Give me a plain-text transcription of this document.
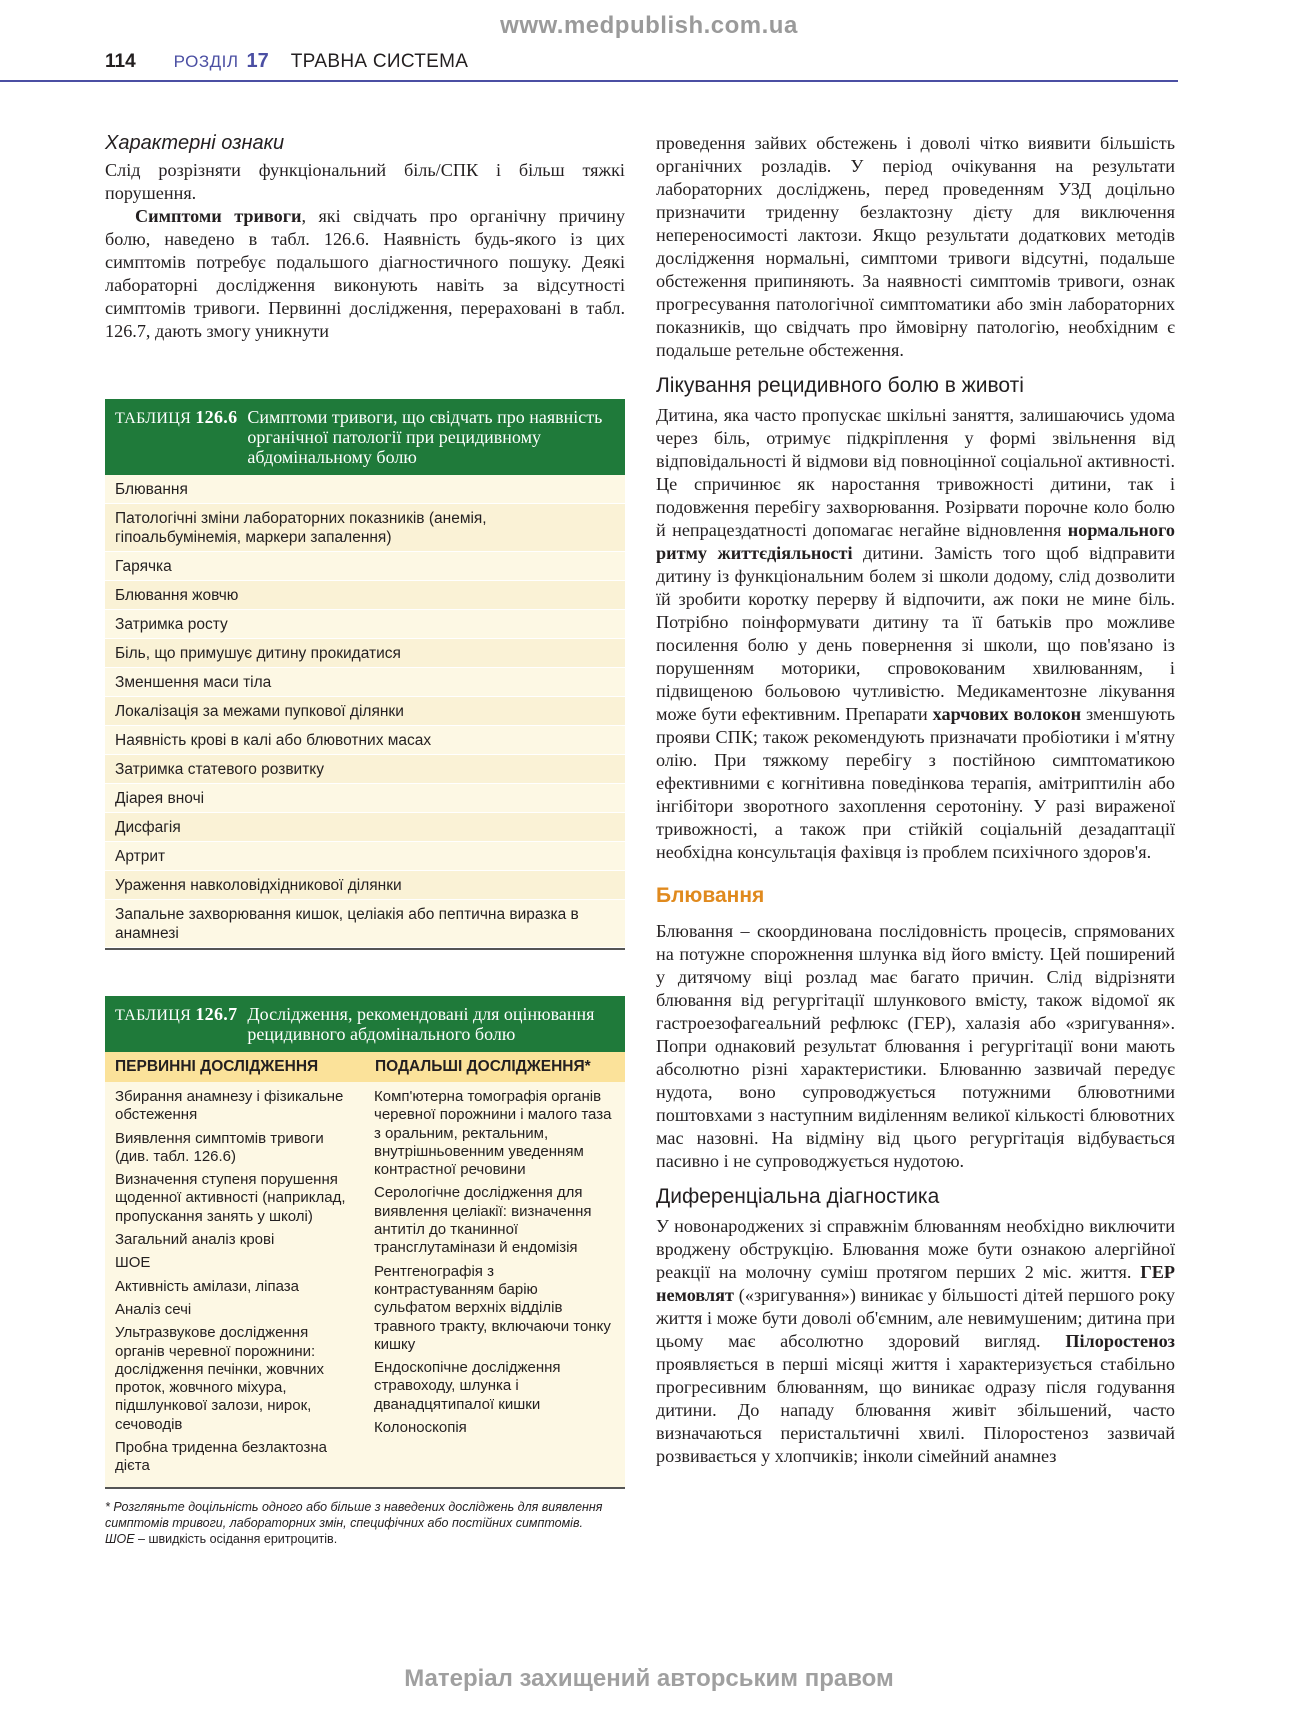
www.medpublish.com.ua
114 РОЗДІЛ 17 ТРАВНА СИСТЕМА
Характерні ознаки

Слід розрізняти функціональний біль/СПК і більш тяжкі порушення.

Симптоми тривоги, які свідчать про органічну причину болю, наведено в табл. 126.6. Наявність будь-якого із цих симптомів потребує подальшого діагностичного пошуку. Деякі лабораторні дослідження виконують навіть за відсутності симптомів тривоги. Первинні дослідження, перераховані в табл. 126.7, дають змогу уникнути

ТАБЛИЦЯ 126.6 Симптоми тривоги, що свідчать про наявність органічної патології при рецидивному абдомінальному болю
Блювання
Патологічні зміни лабораторних показників (анемія, гіпоальбумінемія, маркери запалення)
Гарячка
Блювання жовчю
Затримка росту
Біль, що примушує дитину прокидатися
Зменшення маси тіла
Локалізація за межами пупкової ділянки
Наявність крові в калі або блювотних масах
Затримка статевого розвитку
Діарея вночі
Дисфагія
Артрит
Ураження навколовідхідникової ділянки
Запальне захворювання кишок, целіакія або пептична виразка в анамнезі
ТАБЛИЦЯ 126.7 Дослідження, рекомендовані для оцінювання рецидивного абдомінального болю
ПЕРВИННІ ДОСЛІДЖЕННЯ	ПОДАЛЬШІ ДОСЛІДЖЕННЯ*
Збирання анамнезу і фізикальне обстеження
Виявлення симптомів тривоги (див. табл. 126.6)
Визначення ступеня порушення щоденної активності (наприклад, пропускання занять у школі)
Загальний аналіз крові
ШОЕ
Активність амілази, ліпаза
Аналіз сечі
Ультразвукове дослідження органів черевної порожнини: дослідження печінки, жовчних проток, жовчного міхура, підшлункової залози, нирок, сечоводів
Пробна триденна безлактозна дієта
Комп'ютерна томографія органів черевної порожнини і малого таза з оральним, ректальним, внутрішньовенним уведенням контрастної речовини
Серологічне дослідження для виявлення целіакії: визначення антитіл до тканинної трансглутамінази й ендомізія
Рентгенографія з контрастуванням барію сульфатом верхніх відділів травного тракту, включаючи тонку кишку
Ендоскопічне дослідження стравоходу, шлунка і дванадцятипалої кишки
Колоноскопія
* Розгляньте доцільність одного або більше з наведених досліджень для виявлення симптомів тривоги, лабораторних змін, специфічних або постійних симптомів.
ШОЕ – швидкість осідання еритроцитів.

проведення зайвих обстежень і доволі чітко виявити більшість органічних розладів. У період очікування на результати лабораторних досліджень, перед проведенням УЗД доцільно призначити триденну безлактозну дієту для виключення непереносимості лактози. Якщо результати додаткових методів дослідження нормальні, симптоми тривоги відсутні, подальше обстеження припиняють. За наявності симптомів тривоги, ознак прогресування патологічної симптоматики або змін лабораторних показників, що свідчать про ймовірну патологію, необхідним є подальше ретельне обстеження.

Лікування рецидивного болю в животі

Дитина, яка часто пропускає шкільні заняття, залишаючись удома через біль, отримує підкріплення у формі звільнення від відповідальності й відмови від повноцінної соціальної активності. Це спричинює як наростання тривожності дитини, так і подовження перебігу захворювання. Розірвати порочне коло болю й непрацездатності допомагає негайне відновлення нормального ритму життєдіяльності дитини. Замість того щоб відправити дитину із функціональним болем зі школи додому, слід дозволити їй зробити коротку перерву й відпочити, аж поки не мине біль. Потрібно поінформувати дитину та її батьків про можливе посилення болю у день повернення зі школи, що пов'язано із порушенням моторики, спровокованим хвилюванням, і підвищеною больовою чутливістю. Медикаментозне лікування може бути ефективним. Препарати харчових волокон зменшують прояви СПК; також рекомендують призначати пробіотики і м'ятну олію. При тяжкому перебігу з постійною симптоматикою ефективними є когнітивна поведінкова терапія, амітриптилін або інгібітори зворотного захоплення серотоніну. У разі вираженої тривожності, а також при стійкій соціальній дезадаптації необхідна консультація фахівця із проблем психічного здоров'я.

Блювання

Блювання – скоординована послідовність процесів, спрямованих на потужне спорожнення шлунка від його вмісту. Цей поширений у дитячому віці розлад має багато причин. Слід відрізняти блювання від регургітації шлункового вмісту, також відомої як гастроезофагеальний рефлюкс (ГЕР), халазія або «зригування». Попри однаковий результат блювання і регургітації вони мають абсолютно різні характеристики. Блюванню зазвичай передує нудота, воно супроводжується потужними блювотними поштовхами з наступним виділенням великої кількості блювотних мас назовні. На відміну від цього регургітація відбувається пасивно і не супроводжується нудотою.

Диференціальна діагностика

У новонароджених зі справжнім блюванням необхідно виключити вроджену обструкцію. Блювання може бути ознакою алергійної реакції на молочну суміш протягом перших 2 міс. життя. ГЕР немовлят («зригування») виникає у більшості дітей першого року життя і може бути доволі об'ємним, але невимушеним; дитина при цьому має абсолютно здоровий вигляд. Пілоростеноз проявляється в перші місяці життя і характеризується стабільно прогресивним блюванням, що виникає одразу після годування дитини. До нападу блювання живіт збільшений, часто визначаються перистальтичні хвилі. Пілоростеноз зазвичай розвивається у хлопчиків; інколи сімейний анамнез

Матеріал захищений авторським правом
